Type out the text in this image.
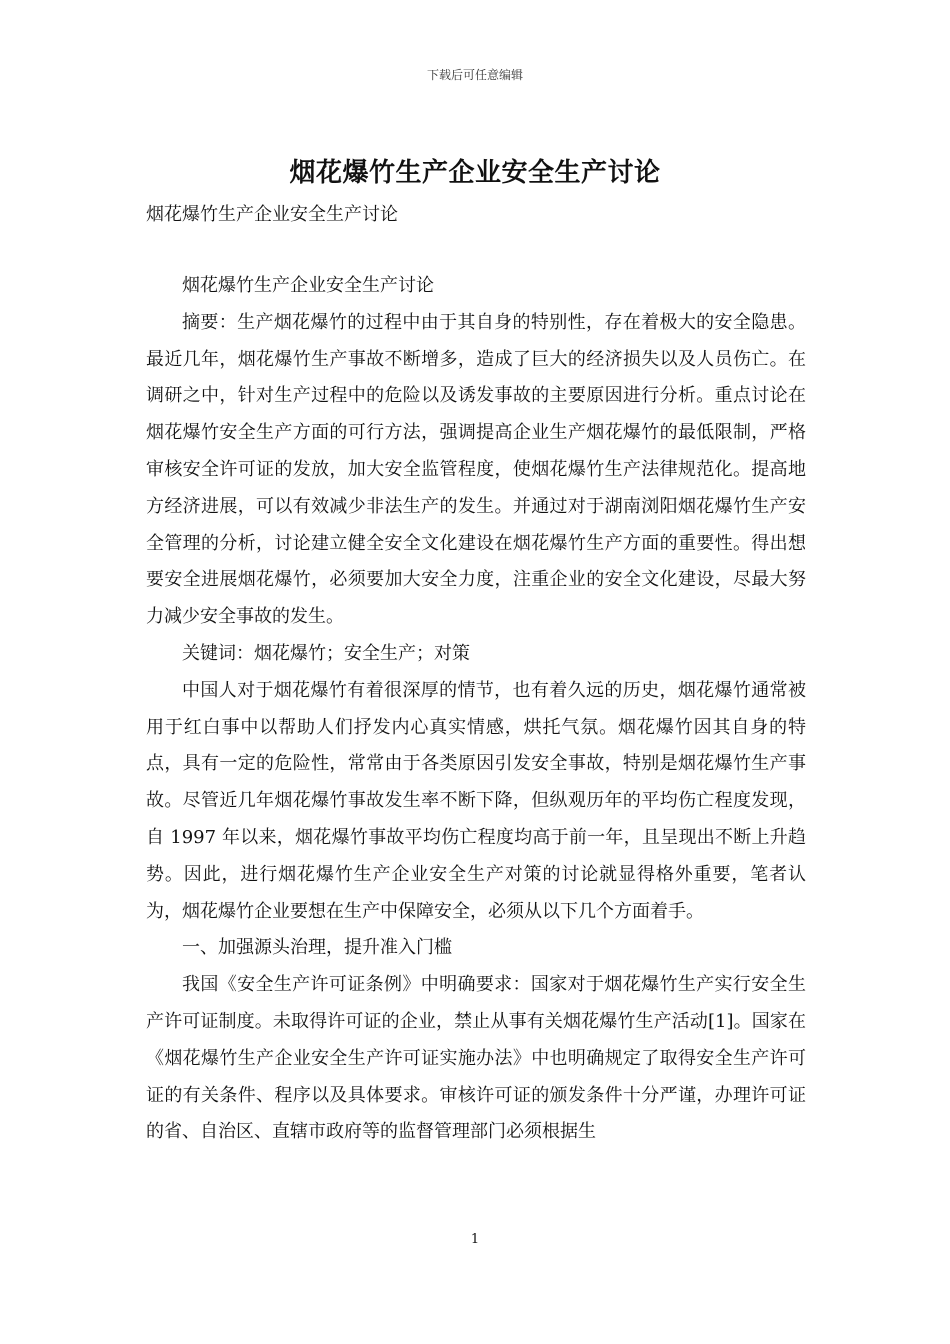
下载后可任意编辑
烟花爆竹生产企业安全生产讨论
烟花爆竹生产企业安全生产讨论

烟花爆竹生产企业安全生产讨论

摘要：生产烟花爆竹的过程中由于其自身的特别性，存在着极大的安全隐患。最近几年，烟花爆竹生产事故不断增多，造成了巨大的经济损失以及人员伤亡。在调研之中，针对生产过程中的危险以及诱发事故的主要原因进行分析。重点讨论在烟花爆竹安全生产方面的可行方法，强调提高企业生产烟花爆竹的最低限制，严格审核安全许可证的发放，加大安全监管程度，使烟花爆竹生产法律规范化。提高地方经济进展，可以有效减少非法生产的发生。并通过对于湖南浏阳烟花爆竹生产安全管理的分析，讨论建立健全安全文化建设在烟花爆竹生产方面的重要性。得出想要安全进展烟花爆竹，必须要加大安全力度，注重企业的安全文化建设，尽最大努力减少安全事故的发生。

关键词：烟花爆竹；安全生产；对策

中国人对于烟花爆竹有着很深厚的情节，也有着久远的历史，烟花爆竹通常被用于红白事中以帮助人们抒发内心真实情感，烘托气氛。烟花爆竹因其自身的特点，具有一定的危险性，常常由于各类原因引发安全事故，特别是烟花爆竹生产事故。尽管近几年烟花爆竹事故发生率不断下降，但纵观历年的平均伤亡程度发现，自 1997 年以来，烟花爆竹事故平均伤亡程度均高于前一年，且呈现出不断上升趋势。因此，进行烟花爆竹生产企业安全生产对策的讨论就显得格外重要，笔者认为，烟花爆竹企业要想在生产中保障安全，必须从以下几个方面着手。

一、加强源头治理，提升准入门槛

我国《安全生产许可证条例》中明确要求：国家对于烟花爆竹生产实行安全生产许可证制度。未取得许可证的企业，禁止从事有关烟花爆竹生产活动[1]。国家在《烟花爆竹生产企业安全生产许可证实施办法》中也明确规定了取得安全生产许可证的有关条件、程序以及具体要求。审核许可证的颁发条件十分严谨，办理许可证的省、自治区、直辖市政府等的监督管理部门必须根据生

1
